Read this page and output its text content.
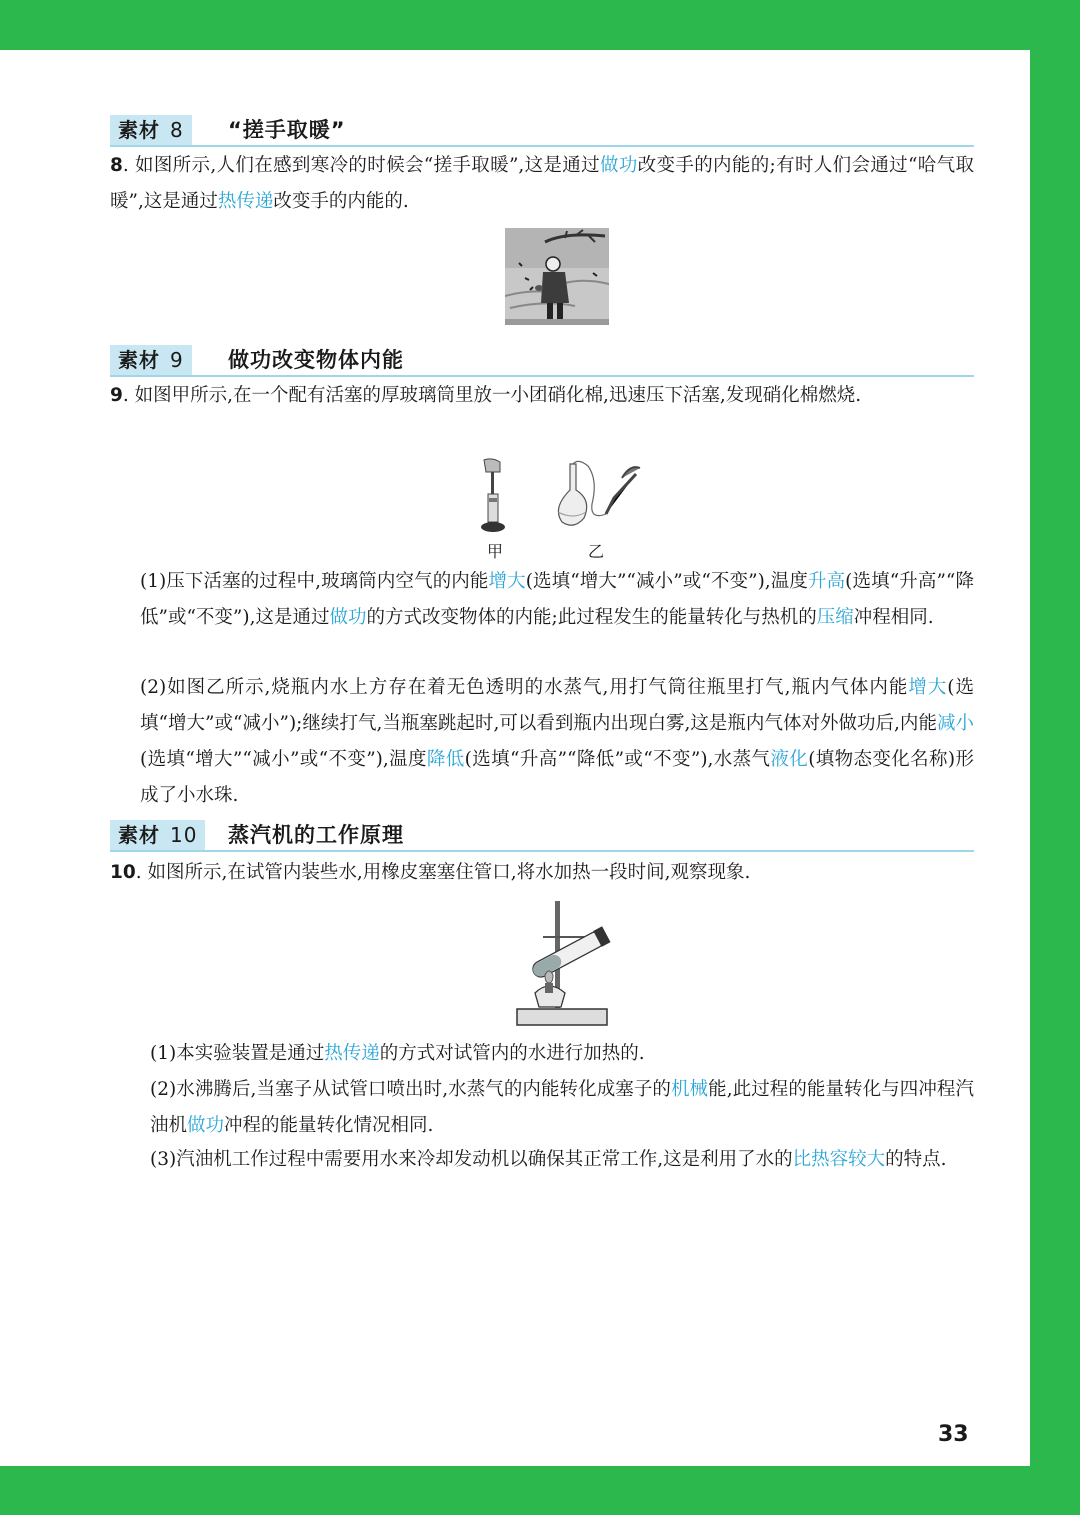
素材 8	“搓手取暖”
8. 如图所示,人们在感到寒冷的时候会“搓手取暖”,这是通过做功改变手的内能的;有时人们会通过“哈气取暖”,这是通过热传递改变手的内能的.
素材 9	做功改变物体内能
9. 如图甲所示,在一个配有活塞的厚玻璃筒里放一小团硝化棉,迅速压下活塞,发现硝化棉燃烧.
甲	乙
(1)压下活塞的过程中,玻璃筒内空气的内能增大(选填“增大”“减小”或“不变”),温度升高(选填“升高”“降低”或“不变”),这是通过做功的方式改变物体的内能;此过程发生的能量转化与热机的压缩冲程相同.
(2)如图乙所示,烧瓶内水上方存在着无色透明的水蒸气,用打气筒往瓶里打气,瓶内气体内能增大(选填“增大”或“减小”);继续打气,当瓶塞跳起时,可以看到瓶内出现白雾,这是瓶内气体对外做功后,内能减小(选填“增大”“减小”或“不变”),温度降低(选填“升高”“降低”或“不变”),水蒸气液化(填物态变化名称)形成了小水珠.
素材 10	蒸汽机的工作原理
10. 如图所示,在试管内装些水,用橡皮塞塞住管口,将水加热一段时间,观察现象.
(1)本实验装置是通过热传递的方式对试管内的水进行加热的.
(2)水沸腾后,当塞子从试管口喷出时,水蒸气的内能转化成塞子的机械能,此过程的能量转化与四冲程汽油机做功冲程的能量转化情况相同.
(3)汽油机工作过程中需要用水来冷却发动机以确保其正常工作,这是利用了水的比热容较大的特点.
33
